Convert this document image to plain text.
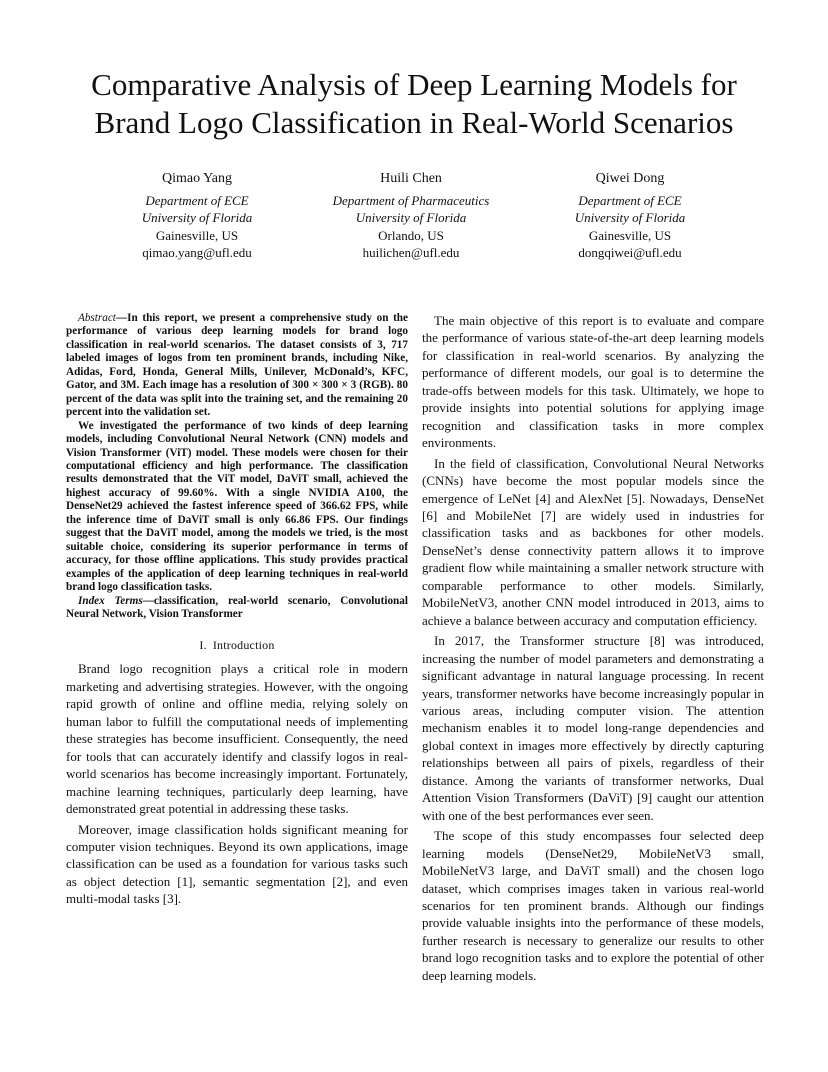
Comparative Analysis of Deep Learning Models for
Brand Logo Classification in Real-World Scenarios
Qimao Yang
Department of ECE
University of Florida
Gainesville, US
qimao.yang@ufl.edu
Huili Chen
Department of Pharmaceutics
University of Florida
Orlando, US
huilichen@ufl.edu
Qiwei Dong
Department of ECE
University of Florida
Gainesville, US
dongqiwei@ufl.edu

Abstract—In this report, we present a comprehensive study on the performance of various deep learning models for brand logo classification in real-world scenarios. The dataset consists of 3, 717 labeled images of logos from ten prominent brands, including Nike, Adidas, Ford, Honda, General Mills, Unilever, McDonald’s, KFC, Gator, and 3M. Each image has a resolution of 300 × 300 × 3 (RGB). 80 percent of the data was split into the training set, and the remaining 20 percent into the validation set.

We investigated the performance of two kinds of deep learning models, including Convolutional Neural Network (CNN) models and Vision Transformer (ViT) model. These models were chosen for their computational efficiency and high performance. The classification results demonstrated that the ViT model, DaViT small, achieved the highest accuracy of 99.60%. With a single NVIDIA A100, the DenseNet29 achieved the fastest inference speed of 366.62 FPS, while the inference time of DaViT small is only 66.86 FPS. Our findings suggest that the DaViT model, among the models we tried, is the most suitable choice, considering its superior performance in terms of accuracy, for those offline applications. This study provides practical examples of the application of deep learning techniques in real-world brand logo classification tasks.

Index Terms—classification, real-world scenario, Convolutional Neural Network, Vision Transformer

I. Introduction

Brand logo recognition plays a critical role in modern marketing and advertising strategies. However, with the ongoing rapid growth of online and offline media, relying solely on human labor to fulfill the computational needs of implementing these strategies has become insufficient. Consequently, the need for tools that can accurately identify and classify logos in real-world scenarios has become increasingly important. Fortunately, machine learning techniques, particularly deep learning, have demonstrated great potential in addressing these tasks.

Moreover, image classification holds significant meaning for computer vision techniques. Beyond its own applications, image classification can be used as a foundation for various tasks such as object detection [1], semantic segmentation [2], and even multi-modal tasks [3].

The main objective of this report is to evaluate and compare the performance of various state-of-the-art deep learning models for classification in real-world scenarios. By analyzing the performance of different models, our goal is to determine the trade-offs between models for this task. Ultimately, we hope to provide insights into potential solutions for applying image recognition and classification tasks in more complex environments.

In the field of classification, Convolutional Neural Networks (CNNs) have become the most popular models since the emergence of LeNet [4] and AlexNet [5]. Nowadays, DenseNet [6] and MobileNet [7] are widely used in industries for classification tasks and as backbones for other models. DenseNet’s dense connectivity pattern allows it to improve gradient flow while maintaining a smaller network structure with comparable performance to other models. Similarly, MobileNetV3, another CNN model introduced in 2013, aims to achieve a balance between accuracy and computation efficiency.

In 2017, the Transformer structure [8] was introduced, increasing the number of model parameters and demonstrating a significant advantage in natural language processing. In recent years, transformer networks have become increasingly popular in various areas, including computer vision. The attention mechanism enables it to model long-range dependencies and global context in images more effectively by directly capturing relationships between all pairs of pixels, regardless of their distance. Among the variants of transformer networks, Dual Attention Vision Transformers (DaViT) [9] caught our attention with one of the best performances ever seen.

The scope of this study encompasses four selected deep learning models (DenseNet29, MobileNetV3 small, MobileNetV3 large, and DaViT small) and the chosen logo dataset, which comprises images taken in various real-world scenarios for ten prominent brands. Although our findings provide valuable insights into the performance of these models, further research is necessary to generalize our results to other brand logo recognition tasks and to explore the potential of other deep learning models.
